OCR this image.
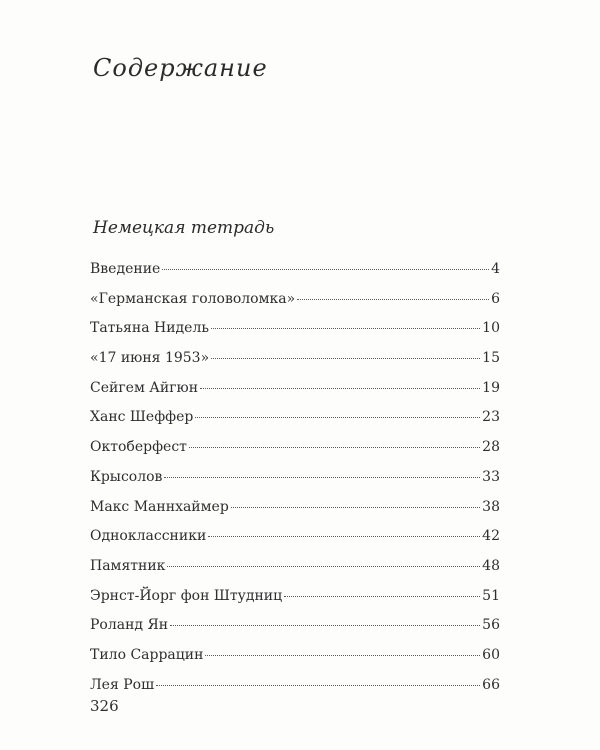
Содержание
Немецкая тетрадь
Введение	4
«Германская головоломка»	6
Татьяна Нидель	10
«17 июня 1953»	15
Сейгем Айгюн	19
Ханс Шеффер	23
Октоберфест	28
Крысолов	33
Макс Маннхаймер	38
Одноклассники	42
Памятник	48
Эрнст-Йорг фон Штудниц	51
Роланд Ян	56
Тило Саррацин	60
Лея Рош	66
326
